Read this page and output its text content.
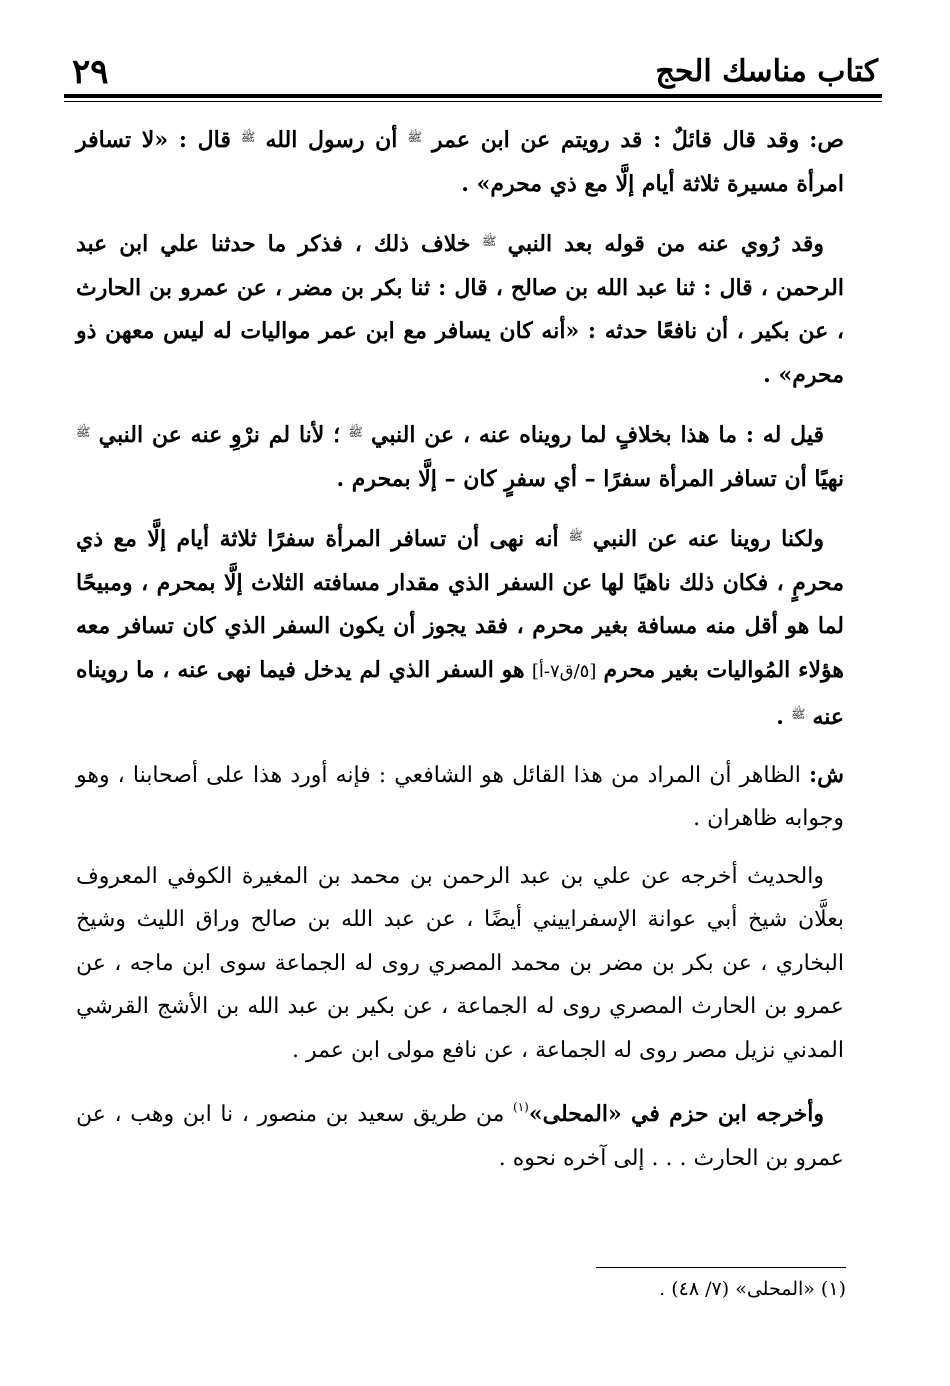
٢٩	كتاب مناسك الحج

ص: وقد قال قائلٌ : قد رويتم عن ابن عمر $^ﷺ$ أن رسول الله $^ﷺ$ قال : «لا تسافر امرأة مسيرة ثلاثة أيام إلَّا مع ذي محرم» .

وقد رُوي عنه من قوله بعد النبي $^ﷺ$ خلاف ذلك ، فذكر ما حدثنا علي ابن عبد الرحمن ، قال : ثنا عبد الله بن صالح ، قال : ثنا بكر بن مضر ، عن عمرو بن الحارث ، عن بكير ، أن نافعًا حدثه : «أنه كان يسافر مع ابن عمر مواليات له ليس معهن ذو محرم» .

قيل له : ما هذا بخلافٍ لما رويناه عنه ، عن النبي $^ﷺ$ ؛ لأنا لم نرْوِ عنه عن النبي $^ﷺ$ نهيًا أن تسافر المرأة سفرًا – أي سفرٍ كان – إلَّا بمحرم .

ولكنا روينا عنه عن النبي $^ﷺ$ أنه نهى أن تسافر المرأة سفرًا ثلاثة أيام إلَّا مع ذي محرمٍ ، فكان ذلك ناهيًا لها عن السفر الذي مقدار مسافته الثلاث إلَّا بمحرم ، ومبيحًا لما هو أقل منه مسافة بغير محرم ، فقد يجوز أن يكون السفر الذي كان تسافر معه هؤلاء المُواليات بغير محرم [٥/ق٧-أ] هو السفر الذي لم يدخل فيما نهى عنه ، ما رويناه عنه $^ﷺ$ .

ش: الظاهر أن المراد من هذا القائل هو الشافعي : فإنه أورد هذا على أصحابنا ، وهو وجوابه ظاهران .

والحديث أخرجه عن علي بن عبد الرحمن بن محمد بن المغيرة الكوفي المعروف بعلَّان شيخ أبي عوانة الإسفراييني أيضًا ، عن عبد الله بن صالح وراق الليث وشيخ البخاري ، عن بكر بن مضر بن محمد المصري روى له الجماعة سوى ابن ماجه ، عن عمرو بن الحارث المصري روى له الجماعة ، عن بكير بن عبد الله بن الأشج القرشي المدني نزيل مصر روى له الجماعة ، عن نافع مولى ابن عمر .

وأخرجه ابن حزم في «المحلى»$^{(١)}$ من طريق سعيد بن منصور ، نا ابن وهب ، عن عمرو بن الحارث . . . إلى آخره نحوه .

(١) «المحلى» (٧/ ٤٨) .
